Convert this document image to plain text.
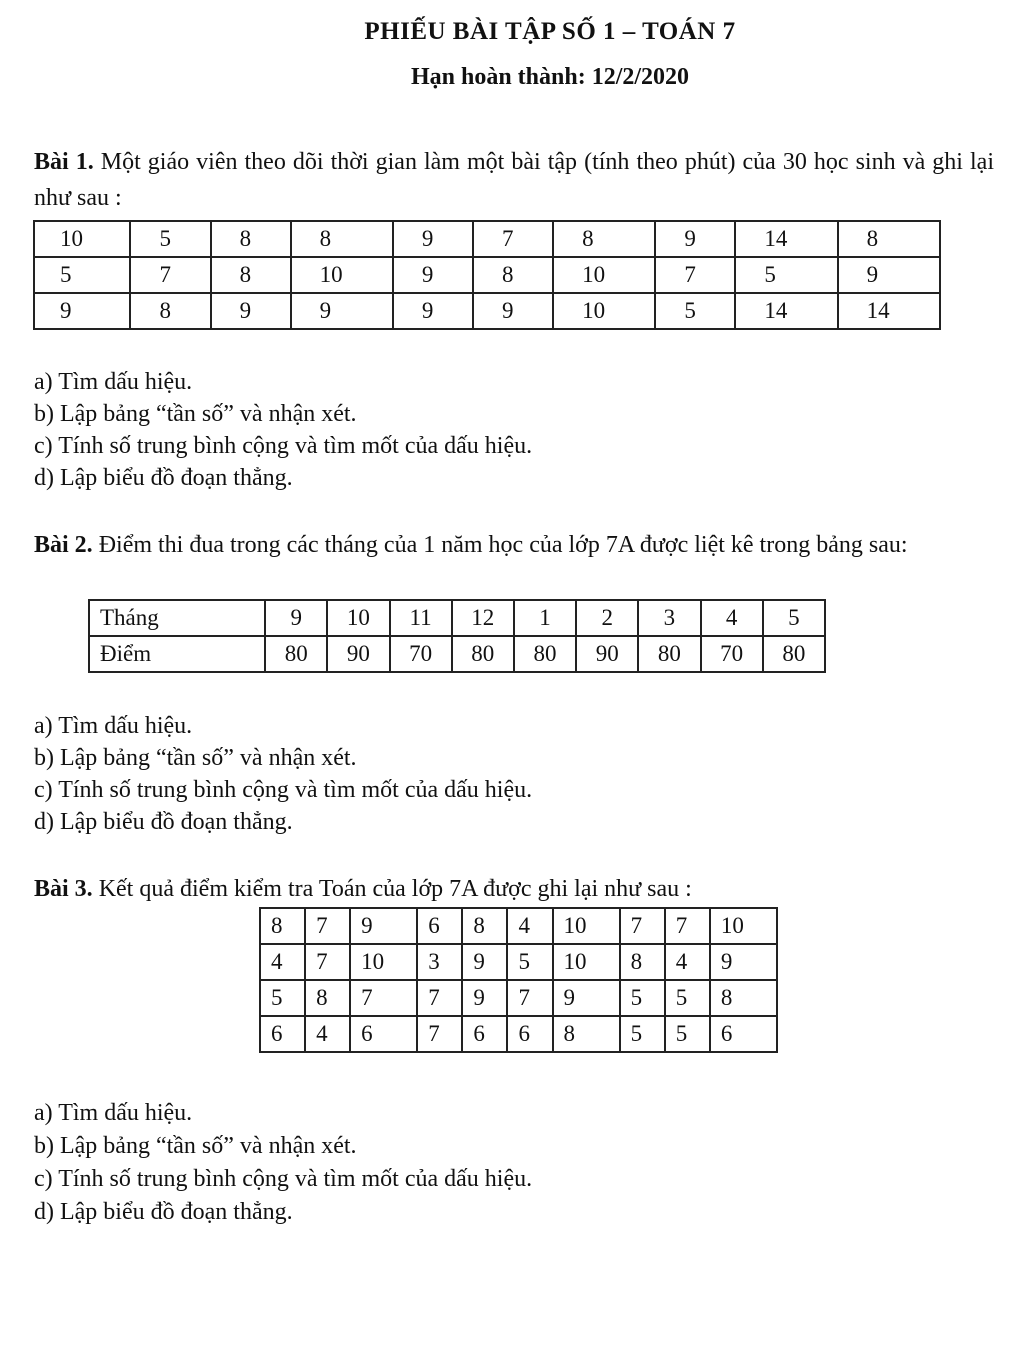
PHIẾU BÀI TẬP SỐ 1 – TOÁN 7
Hạn hoàn thành: 12/2/2020
Bài 1. Một giáo viên theo dõi thời gian làm một bài tập (tính theo phút) của 30 học sinh và ghi lại như sau :
10	5	8	8	9	7	8	9	14	8
5	7	8	10	9	8	10	7	5	9
9	8	9	9	9	9	10	5	14	14
a) Tìm dấu hiệu.
b) Lập bảng “tần số” và nhận xét.
c) Tính số trung bình cộng và tìm mốt của dấu hiệu.
d) Lập biểu đồ đoạn thẳng.
Bài 2. Điểm thi đua trong các tháng của 1 năm học của lớp 7A được liệt kê trong bảng sau:
Tháng	9	10	11	12	1	2	3	4	5
Điểm	80	90	70	80	80	90	80	70	80
a) Tìm dấu hiệu.
b) Lập bảng “tần số” và nhận xét.
c) Tính số trung bình cộng và tìm mốt của dấu hiệu.
d) Lập biểu đồ đoạn thẳng.
Bài 3. Kết quả điểm kiểm tra Toán của lớp 7A được ghi lại như sau :
8	7	9	6	8	4	10	7	7	10
4	7	10	3	9	5	10	8	4	9
5	8	7	7	9	7	9	5	5	8
6	4	6	7	6	6	8	5	5	6
a) Tìm dấu hiệu.
b) Lập bảng “tần số” và nhận xét.
c) Tính số trung bình cộng và tìm mốt của dấu hiệu.
d) Lập biểu đồ đoạn thẳng.
